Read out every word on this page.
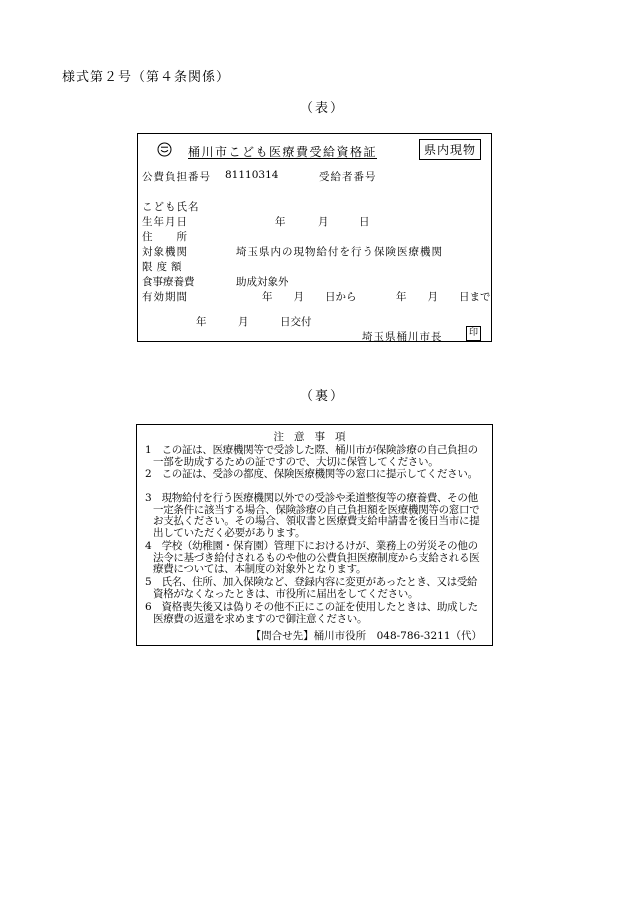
様式第２号（第４条関係）
（表）
桶川市こども医療費受給資格証	県内現物
公費負担番号 81110314	受給者番号
こども氏名
生年月日	年	月	日
住　　所
対象機関	埼玉県内の現物給付を行う保険医療機関
限度額
食事療養費	助成対象外
有効期間	年　　月　　日から	年　　月　　日まで
年　　　月　　　日交付
埼玉県桶川市長	印
（裏）
注意事項
1　この証は、医療機関等で受診した際、桶川市が保険診療の自己負担の一部を助成するための証ですので、大切に保管してください。
2　この証は、受診の都度、保険医療機関等の窓口に提示してください。
3　現物給付を行う医療機関以外での受診や柔道整復等の療養費、その他一定条件に該当する場合、保険診療の自己負担額を医療機関等の窓口でお支払ください。その場合、領収書と医療費支給申請書を後日当市に提出していただく必要があります。
4　学校（幼稚園・保育園）管理下におけるけが、業務上の労災その他の法令に基づき給付されるものや他の公費負担医療制度から支給される医療費については、本制度の対象外となります。
5　氏名、住所、加入保険など、登録内容に変更があったとき、又は受給資格がなくなったときは、市役所に届出をしてください。
6　資格喪失後又は偽りその他不正にこの証を使用したときは、助成した医療費の返還を求めますので御注意ください。
【問合せ先】桶川市役所　048-786-3211（代）
